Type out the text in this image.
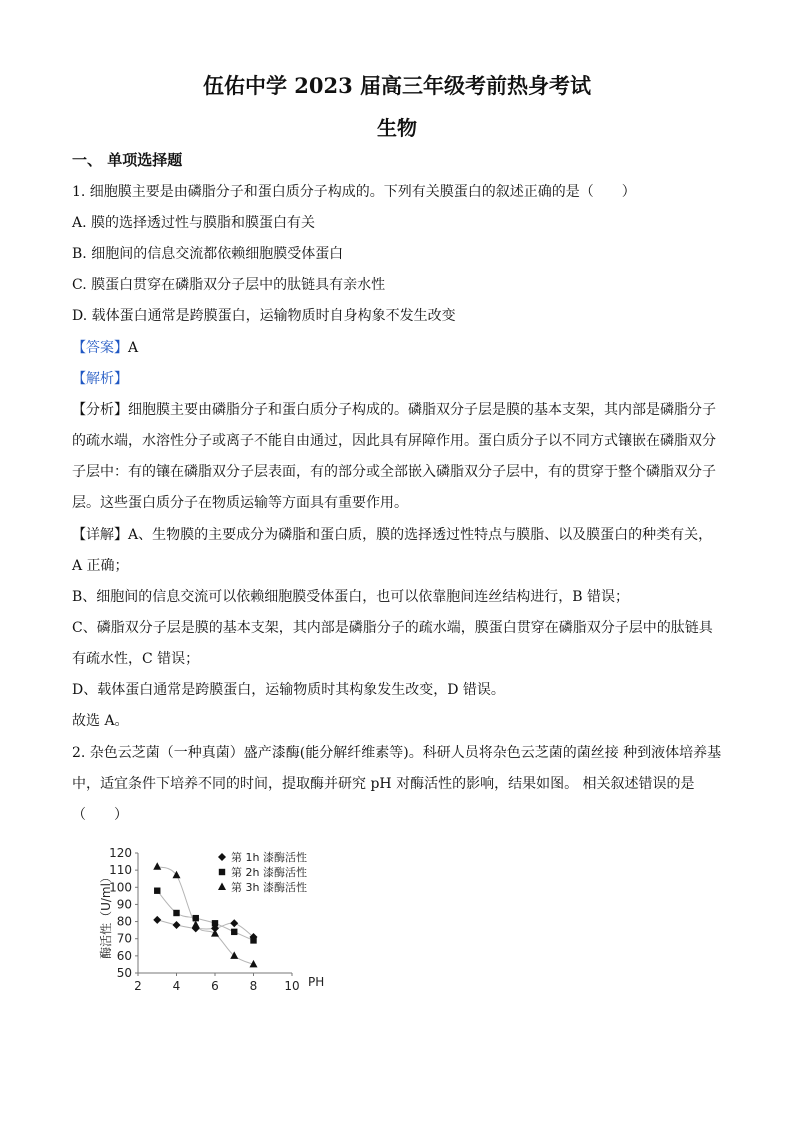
伍佑中学 2023 届高三年级考前热身考试
生物
一、 单项选择题
1. 细胞膜主要是由磷脂分子和蛋白质分子构成的。下列有关膜蛋白的叙述正确的是（　　）
A. 膜的选择透过性与膜脂和膜蛋白有关
B. 细胞间的信息交流都依赖细胞膜受体蛋白
C. 膜蛋白贯穿在磷脂双分子层中的肽链具有亲水性
D. 载体蛋白通常是跨膜蛋白，运输物质时自身构象不发生改变
【答案】A
【解析】
【分析】细胞膜主要由磷脂分子和蛋白质分子构成的。磷脂双分子层是膜的基本支架，其内部是磷脂分子
的疏水端，水溶性分子或离子不能自由通过，因此具有屏障作用。蛋白质分子以不同方式镶嵌在磷脂双分
子层中：有的镶在磷脂双分子层表面，有的部分或全部嵌入磷脂双分子层中，有的贯穿于整个磷脂双分子
层。这些蛋白质分子在物质运输等方面具有重要作用。
【详解】A、生物膜的主要成分为磷脂和蛋白质，膜的选择透过性特点与膜脂、以及膜蛋白的种类有关，
A 正确；
B、细胞间的信息交流可以依赖细胞膜受体蛋白，也可以依靠胞间连丝结构进行，B 错误；
C、磷脂双分子层是膜的基本支架，其内部是磷脂分子的疏水端，膜蛋白贯穿在磷脂双分子层中的肽链具
有疏水性，C 错误；
D、载体蛋白通常是跨膜蛋白，运输物质时其构象发生改变，D 错误。
故选 A。
2. 杂色云芝菌（一种真菌）盛产漆酶(能分解纤维素等)。科研人员将杂色云芝菌的菌丝接 种到液体培养基
中，适宜条件下培养不同的时间，提取酶并研究 pH 对酶活性的影响，结果如图。 相关叙述错误的是
（　　）
酶活性（U/ml）
PH
2	4	6	8 10
50
60
70
80
90
100
110
120	第 1h 漆酶活性
第 2h 漆酶活性
第 3h 漆酶活性
